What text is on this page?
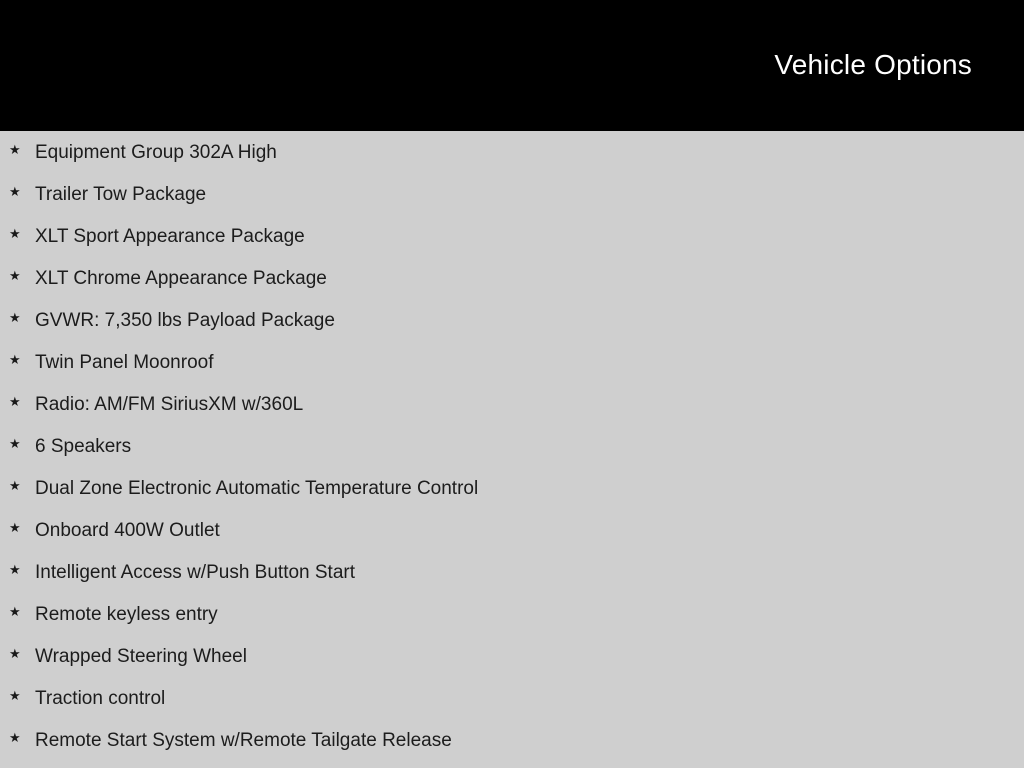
Vehicle Options
★ Equipment Group 302A High
★ Trailer Tow Package
★ XLT Sport Appearance Package
★ XLT Chrome Appearance Package
★ GVWR: 7,350 lbs Payload Package
★ Twin Panel Moonroof
★ Radio: AM/FM SiriusXM w/360L
★ 6 Speakers
★ Dual Zone Electronic Automatic Temperature Control
★ Onboard 400W Outlet
★ Intelligent Access w/Push Button Start
★ Remote keyless entry
★ Wrapped Steering Wheel
★ Traction control
★ Remote Start System w/Remote Tailgate Release
